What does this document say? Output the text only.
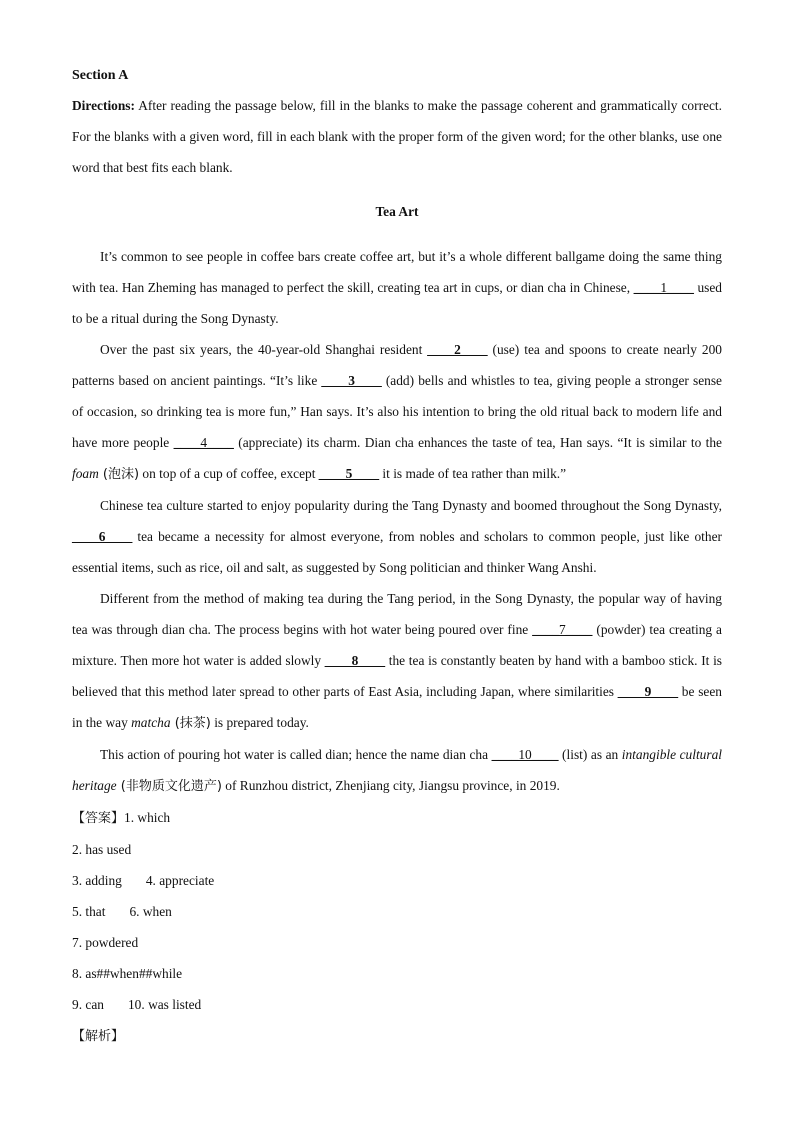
Section A

Directions: After reading the passage below, fill in the blanks to make the passage coherent and grammatically correct. For the blanks with a given word, fill in each blank with the proper form of the given word; for the other blanks, use one word that best fits each blank.

Tea Art

It’s common to see people in coffee bars create coffee art, but it’s a whole different ballgame doing the same thing with tea. Han Zheming has managed to perfect the skill, creating tea art in cups, or dian cha in Chinese, ____1____ used to be a ritual during the Song Dynasty.

Over the past six years, the 40-year-old Shanghai resident ____2____ (use) tea and spoons to create nearly 200 patterns based on ancient paintings. “It’s like ____3____ (add) bells and whistles to tea, giving people a stronger sense of occasion, so drinking tea is more fun,” Han says. It’s also his intention to bring the old ritual back to modern life and have more people ____4____ (appreciate) its charm. Dian cha enhances the taste of tea, Han says. “It is similar to the foam (泡沫) on top of a cup of coffee, except ____5____ it is made of tea rather than milk.”

Chinese tea culture started to enjoy popularity during the Tang Dynasty and boomed throughout the Song Dynasty, ____6____ tea became a necessity for almost everyone, from nobles and scholars to common people, just like other essential items, such as rice, oil and salt, as suggested by Song politician and thinker Wang Anshi.

Different from the method of making tea during the Tang period, in the Song Dynasty, the popular way of having tea was through dian cha. The process begins with hot water being poured over fine ____7____ (powder) tea creating a mixture. Then more hot water is added slowly ____8____ the tea is constantly beaten by hand with a bamboo stick. It is believed that this method later spread to other parts of East Asia, including Japan, where similarities ____9____ be seen in the way matcha (抹茶) is prepared today.

This action of pouring hot water is called dian; hence the name dian cha ____10____ (list) as an intangible cultural heritage (非物质文化遗产) of Runzhou district, Zhenjiang city, Jiangsu province, in 2019.

【答案】1. which

2. has used

3. adding 4. appreciate

5. that 6. when

7. powdered

8. as##when##while

9. can 10. was listed

【解析】
